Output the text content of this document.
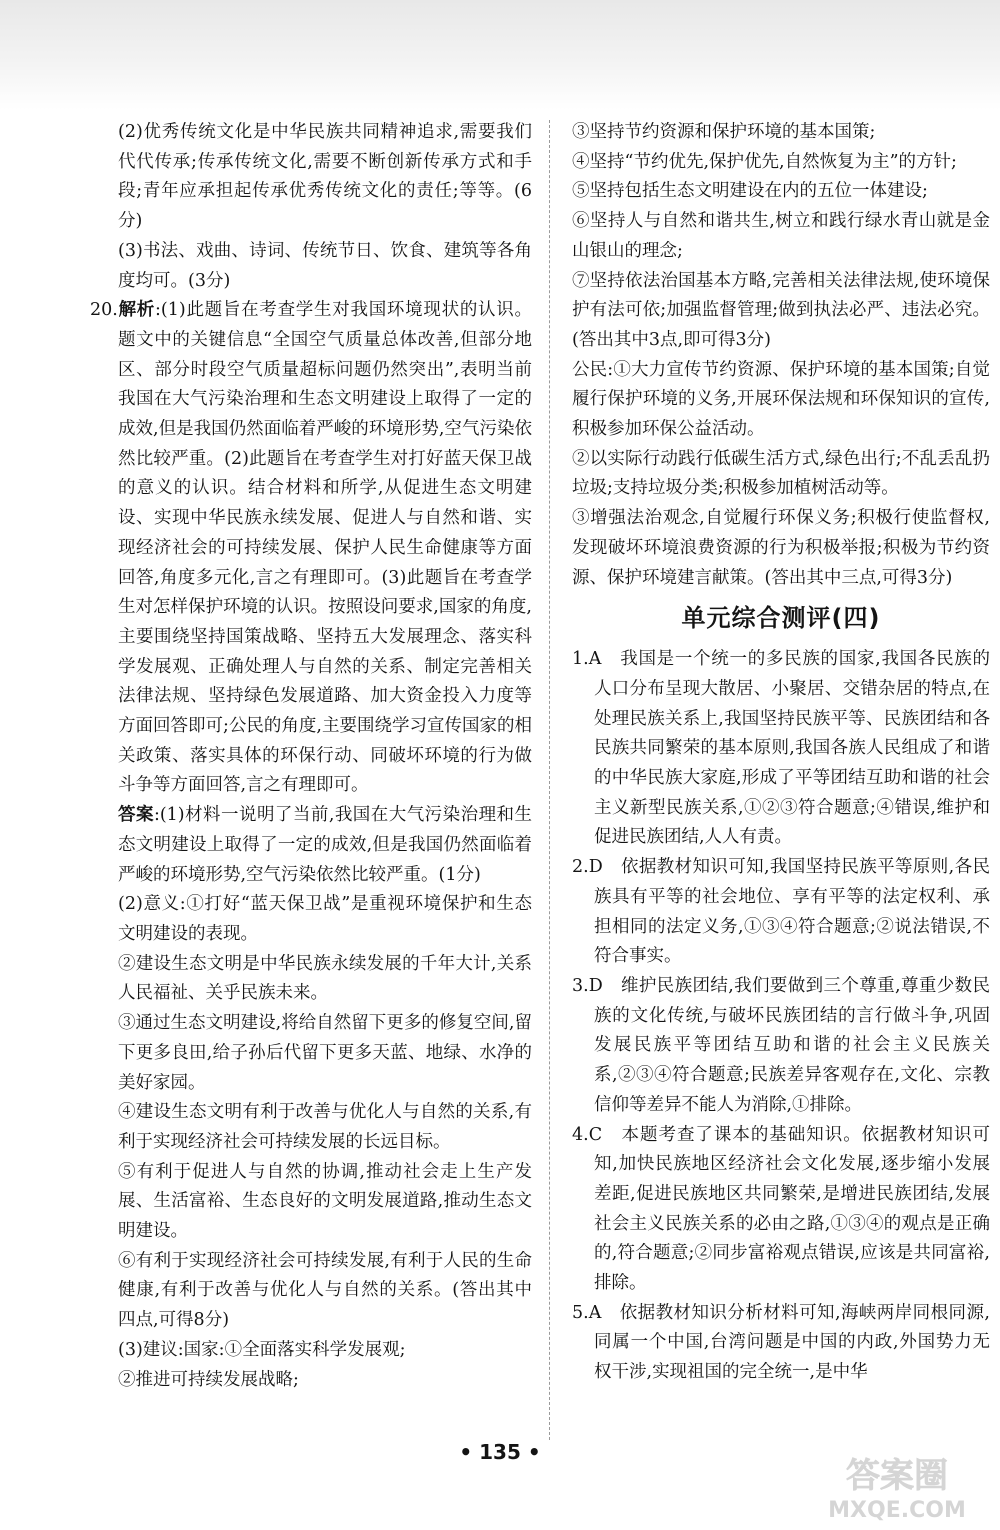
(2)优秀传统文化是中华民族共同精神追求,需要我们代代传承;传承传统文化,需要不断创新传承方式和手段;青年应承担起传承优秀传统文化的责任;等等。(6分)

(3)书法、戏曲、诗词、传统节日、饮食、建筑等各角度均可。(3分)

20.解析:(1)此题旨在考查学生对我国环境现状的认识。题文中的关键信息“全国空气质量总体改善,但部分地区、部分时段空气质量超标问题仍然突出”,表明当前我国在大气污染治理和生态文明建设上取得了一定的成效,但是我国仍然面临着严峻的环境形势,空气污染依然比较严重。(2)此题旨在考查学生对打好蓝天保卫战的意义的认识。结合材料和所学,从促进生态文明建设、实现中华民族永续发展、促进人与自然和谐、实现经济社会的可持续发展、保护人民生命健康等方面回答,角度多元化,言之有理即可。(3)此题旨在考查学生对怎样保护环境的认识。按照设问要求,国家的角度,主要围绕坚持国策战略、坚持五大发展理念、落实科学发展观、正确处理人与自然的关系、制定完善相关法律法规、坚持绿色发展道路、加大资金投入力度等方面回答即可;公民的角度,主要围绕学习宣传国家的相关政策、落实具体的环保行动、同破坏环境的行为做斗争等方面回答,言之有理即可。

答案:(1)材料一说明了当前,我国在大气污染治理和生态文明建设上取得了一定的成效,但是我国仍然面临着严峻的环境形势,空气污染依然比较严重。(1分)

(2)意义:①打好“蓝天保卫战”是重视环境保护和生态文明建设的表现。

②建设生态文明是中华民族永续发展的千年大计,关系人民福祉、关乎民族未来。

③通过生态文明建设,将给自然留下更多的修复空间,留下更多良田,给子孙后代留下更多天蓝、地绿、水净的美好家园。

④建设生态文明有利于改善与优化人与自然的关系,有利于实现经济社会可持续发展的长远目标。

⑤有利于促进人与自然的协调,推动社会走上生产发展、生活富裕、生态良好的文明发展道路,推动生态文明建设。

⑥有利于实现经济社会可持续发展,有利于人民的生命健康,有利于改善与优化人与自然的关系。(答出其中四点,可得8分)

(3)建议:国家:①全面落实科学发展观;

②推进可持续发展战略;

③坚持节约资源和保护环境的基本国策;

④坚持“节约优先,保护优先,自然恢复为主”的方针;

⑤坚持包括生态文明建设在内的五位一体建设;

⑥坚持人与自然和谐共生,树立和践行绿水青山就是金山银山的理念;

⑦坚持依法治国基本方略,完善相关法律法规,使环境保护有法可依;加强监督管理;做到执法必严、违法必究。(答出其中3点,即可得3分)

公民:①大力宣传节约资源、保护环境的基本国策;自觉履行保护环境的义务,开展环保法规和环保知识的宣传,积极参加环保公益活动。

②以实际行动践行低碳生活方式,绿色出行;不乱丢乱扔垃圾;支持垃圾分类;积极参加植树活动等。

③增强法治观念,自觉履行环保义务;积极行使监督权,发现破坏环境浪费资源的行为积极举报;积极为节约资源、保护环境建言献策。(答出其中三点,可得3分)

单元综合测评(四)

1.A　我国是一个统一的多民族的国家,我国各民族的人口分布呈现大散居、小聚居、交错杂居的特点,在处理民族关系上,我国坚持民族平等、民族团结和各民族共同繁荣的基本原则,我国各族人民组成了和谐的中华民族大家庭,形成了平等团结互助和谐的社会主义新型民族关系,①②③符合题意;④错误,维护和促进民族团结,人人有责。

2.D　依据教材知识可知,我国坚持民族平等原则,各民族具有平等的社会地位、享有平等的法定权利、承担相同的法定义务,①③④符合题意;②说法错误,不符合事实。

3.D　维护民族团结,我们要做到三个尊重,尊重少数民族的文化传统,与破坏民族团结的言行做斗争,巩固发展民族平等团结互助和谐的社会主义民族关系,②③④符合题意;民族差异客观存在,文化、宗教信仰等差异不能人为消除,①排除。

4.C　本题考查了课本的基础知识。依据教材知识可知,加快民族地区经济社会文化发展,逐步缩小发展差距,促进民族地区共同繁荣,是增进民族团结,发展社会主义民族关系的必由之路,①③④的观点是正确的,符合题意;②同步富裕观点错误,应该是共同富裕,排除。

5.A　依据教材知识分析材料可知,海峡两岸同根同源,同属一个中国,台湾问题是中国的内政,外国势力无权干涉,实现祖国的完全统一,是中华

• 135 •
答案圈
MXQE.COM
